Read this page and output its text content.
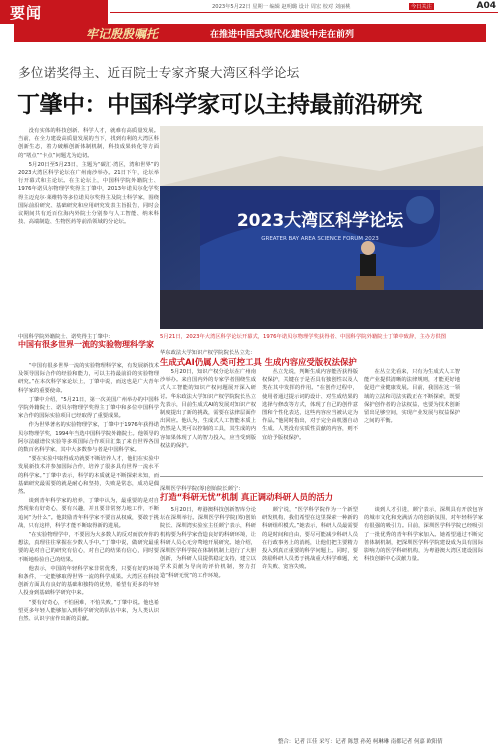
要闻	2023年5月22日 星期一 编辑 赵明璐 设计 周宏 校对 刘丽桃	今日关注	A04
牢记殷殷嘱托	在推进中国式现代化建设中走在前列
多位诺奖得主、近百院士专家齐聚大湾区科学论坛
丁肇中：中国科学家可以主持最前沿研究

没有实体的科技创新、科学人才，就难有高质量发展。当前，在全力建设高质量发展的当下，找到有利的大湾区科创新生态，着力破解创新体制机制，科技成果转化等方面的“堵点”“卡点”问题尤为迫切。

5月20日至5月23日，主题为“碳汇·湾区，湾和世界”的2023大湾区科学论坛在广州南沙举办。21日下午，论坛举行开幕式和主论坛。在主论坛上，中国科学院外籍院士、1976年诺贝尔物理学奖得主丁肇中，2013年诺贝尔化学奖得主迈克尔·莱维特等多位诺贝尔奖得主及院士科学家，围绕国际前沿研究、基础研究和应用研究发表主旨报告，同时会议期间共有近百位海内外院士分别参与人工智能、纳米科技、高端制造、生物医药等前沿领域的分论坛。	2023大湾区科学论坛
GREATER BAY AREA SCIENCE FORUM 2023
5月21日，2023年大湾区科学论坛开幕式，1976年诺贝尔物理学奖获得者、中国科学院外籍院士丁肇中致辞，主办方供图
中国科学院外籍院士、诺奖得主丁肇中：
中国有很多世界一流的实验物理科学家

“中国有很多世界一流的实验物理科学家，有发展新技术及领导国际合作的经验和能力，可以主持最前沿的实验物理研究。”在本次科学家论坛上，丁肇中说，而这也是广大青年科学家的重要使命。

丁肇中介绍，“5月21日，第一次美国广州举办的中国科学院外籍院士、诺贝尔物理学奖得主丁肇中和多位中国科学家合作的国际实验项目已经取得了重要成果。

作为世界著名的实验物理学家，丁肇中于1976年获得诺贝尔物理学奖，1994年当选中国科学院外籍院士。他领导的阿尔法磁谱仪实验等多项国际合作项目汇集了来自世界各国的数百名科学家，其中大多数参与者是中国科学家。

“要在实验中取得成功就要不断培养人才，他们在实验中发展新技术并参加国际合作，培养了很多具有世界一流水平的科学家。”丁肇中表示，科学的本质就是不断探索未知，而基础研究最需要的就是耐心和坚持，失败是常态，成功是偶然。

谈到青年科学家的培养，丁肇中认为，最重要的是对自然现象有好奇心，要有兴趣，并且要非常努力地工作，不断追问“为什么”。他鼓励青年科学家不要盲从权威，要敢于挑战，只有这样，科学才能不断取得新的进展。

“在实验物理学中，不要因为大多数人的反对而放弃你的想法，真理往往掌握在少数人手中。”丁肇中说，做研究最重要的是对自己的研究有信心，对自己的结果有信心，同时要不断地检验自己的结果。

他表示，中国的年轻科学家非常优秀，只要有好的环境和条件，一定能够取得世界一流的科学成果。大湾区在科技创新方面具有良好的基础和独特的优势，希望有更多的年轻人投身到基础科学研究中来。

“要有好奇心，不怕困难，不怕失败。”丁肇中说。他也希望更多年轻人能够加入到科学研究的队伍中来，为人类认识自然、认识宇宙作出新的贡献。

华东政法大学知识产权学院院长丛立先：
生成式AI仍属人类可控工具 生成内容应受版权法保护

5月20日，知识产权分论坛在广州南沙举办。来自国内外的专家学者围绕生成式人工智能的知识产权问题展开深入研讨。华东政法大学知识产权学院院长丛立先表示，目前生成式AI的发展对知识产权制度提出了新的挑战，需要在法律层面作出回应。他认为，生成式人工智能本质上仍然是人类可以控制的工具，其生成的内容如果体现了人的智力投入，应当受到版权法的保护。

丛立先说，判断生成内容能否获得版权保护，关键在于是否具有独创性以及人类在其中发挥的作用。“在创作过程中，使用者通过提示词的设计、对生成结果的选择与修改等方式，体现了自己的创作意图和个性化表达，这些内容应当被认定为作品。”他同时指出，对于完全由机器自动生成、人类没有实质性贡献的内容，则不宜给予版权保护。

在丛立先看来，只有为生成式人工智能产业提供清晰的法律规则，才能更好地促进产业健康发展。目前，我国在这一领域的立法和司法实践正在不断探索，既要保护创作者的合法权益，也要为技术创新留出足够空间，实现产业发展与权益保护之间的平衡。

深圳医学科学院(筹)创始院长颜宁：
打造“科研无忧”机制 真正调动科研人员的活力

5月20日，粤港澳科技创新智库分论坛在深圳举行。深圳医学科学院(筹)创始院长、深圳湾实验室主任颜宁表示，科研机构要为科学家营造良好的科研环境，让科研人员心无旁骛地开展研究。她介绍，深圳医学科学院在体制机制上进行了大胆创新，为科研人员提供稳定支持，建立以学术贡献为导向的评价机制，努力打造“科研无忧”的工作环境。

颜宁说，“医学科学院作为一个新型研发机构，我们希望在这里探索一种新的科研组织模式。”她表示，科研人员最需要的是时间和自由，要尽可能减少科研人员在行政事务上的消耗，让他们把主要精力投入到真正重要的科学问题上。同时，要鼓励科研人员勇于挑战重大科学难题，允许失败、宽容失败。

谈到人才引进，颜宁表示，深圳具有开放包容的城市文化和充满活力的创新氛围，对年轻科学家有很强的吸引力。目前，深圳医学科学院已经吸引了一批优秀的青年科学家加入。她希望通过不断完善体制机制，把深圳医学科学院建设成为具有国际影响力的医学科研机构，为粤港澳大湾区建设国际科技创新中心贡献力量。

整合：记者 江佳 采写：记者 陈慧 孙苑 柯琳琳 南都记者 何嘉 欧阳倩
